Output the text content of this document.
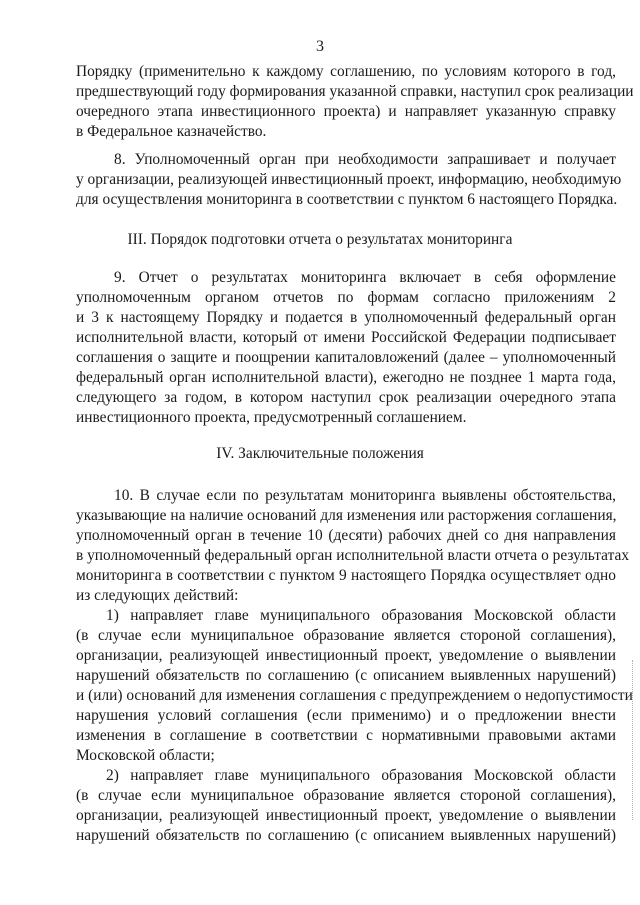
3
Порядку (применительно к каждому соглашению, по условиям которого в год,
предшествующий году формирования указанной справки, наступил срок реализации
очередного этапа инвестиционного проекта) и направляет указанную справку
в Федеральное казначейство.
8. Уполномоченный орган при необходимости запрашивает и получает
у организации, реализующей инвестиционный проект, информацию, необходимую
для осуществления мониторинга в соответствии с пунктом 6 настоящего Порядка.
III. Порядок подготовки отчета о результатах мониторинга
9. Отчет о результатах мониторинга включает в себя оформление
уполномоченным органом отчетов по формам согласно приложениям 2
и 3 к настоящему Порядку и подается в уполномоченный федеральный орган
исполнительной власти, который от имени Российской Федерации подписывает
соглашения о защите и поощрении капиталовложений (далее – уполномоченный
федеральный орган исполнительной власти), ежегодно не позднее 1 марта года,
следующего за годом, в котором наступил срок реализации очередного этапа
инвестиционного проекта, предусмотренный соглашением.
IV. Заключительные положения
10. В случае если по результатам мониторинга выявлены обстоятельства,
указывающие на наличие оснований для изменения или расторжения соглашения,
уполномоченный орган в течение 10 (десяти) рабочих дней со дня направления
в уполномоченный федеральный орган исполнительной власти отчета о результатах
мониторинга в соответствии с пунктом 9 настоящего Порядка осуществляет одно
из следующих действий:
1) направляет главе муниципального образования Московской области
(в случае если муниципальное образование является стороной соглашения),
организации, реализующей инвестиционный проект, уведомление о выявлении
нарушений обязательств по соглашению (с описанием выявленных нарушений)
и (или) оснований для изменения соглашения с предупреждением о недопустимости
нарушения условий соглашения (если применимо) и о предложении внести
изменения в соглашение в соответствии с нормативными правовыми актами
Московской области;
2) направляет главе муниципального образования Московской области
(в случае если муниципальное образование является стороной соглашения),
организации, реализующей инвестиционный проект, уведомление о выявлении
нарушений обязательств по соглашению (с описанием выявленных нарушений)
